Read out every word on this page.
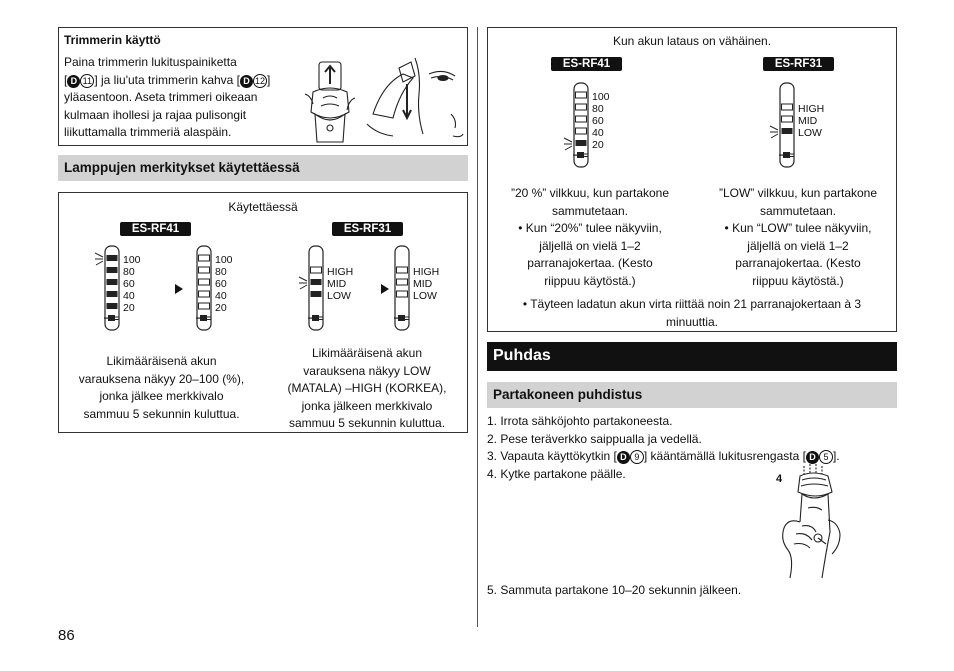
Trimmerin käyttö
Paina trimmerin lukituspainiketta
[ D 11 ] ja liu'uta trimmerin kahva [ D 12 ]
yläasentoon. Aseta trimmeri oikeaan
kulmaan ihollesi ja rajaa pulisongit
liikuttamalla trimmeriä alaspäin.
Lamppujen merkitykset käytettäessä
Käytettäessä
ES-RF41	ES-RF31
100
80
60
40
20
100
80
60
40
20
HIGH
MID
LOW
HIGH
MID
LOW
Likimääräisenä akun
varauksena näkyy 20–100 (%),
jonka jälkee merkkivalo
sammuu 5 sekunnin kuluttua.
Likimääräisenä akun
varauksena näkyy LOW
(MATALA) –HIGH (KORKEA),
jonka jälkeen merkkivalo
sammuu 5 sekunnin kuluttua.
86
Kun akun lataus on vähäinen.
ES-RF41	ES-RF31
100
80
60
40
20
HIGH
MID
LOW
”20 %” vilkkuu, kun partakone
sammutetaan.
• Kun “20%” tulee näkyviin,
jäljellä on vielä 1–2
parranajokertaa. (Kesto
riippuu käytöstä.)
”LOW” vilkkuu, kun partakone
sammutetaan.
• Kun “LOW” tulee näkyviin,
jäljellä on vielä 1–2
parranajokertaa. (Kesto
riippuu käytöstä.)
• Täyteen ladatun akun virta riittää noin 21 parranajokertaan à 3
minuuttia.
Puhdas
Partakoneen puhdistus
1. Irrota sähköjohto partakoneesta.
2. Pese teräverkko saippualla ja vedellä.
3. Vapauta käyttökytkin [ D 9 ] kääntämällä lukitusrengasta [ D 5 ].
4. Kytke partakone päälle.	4
5. Sammuta partakone 10–20 sekunnin jälkeen.
